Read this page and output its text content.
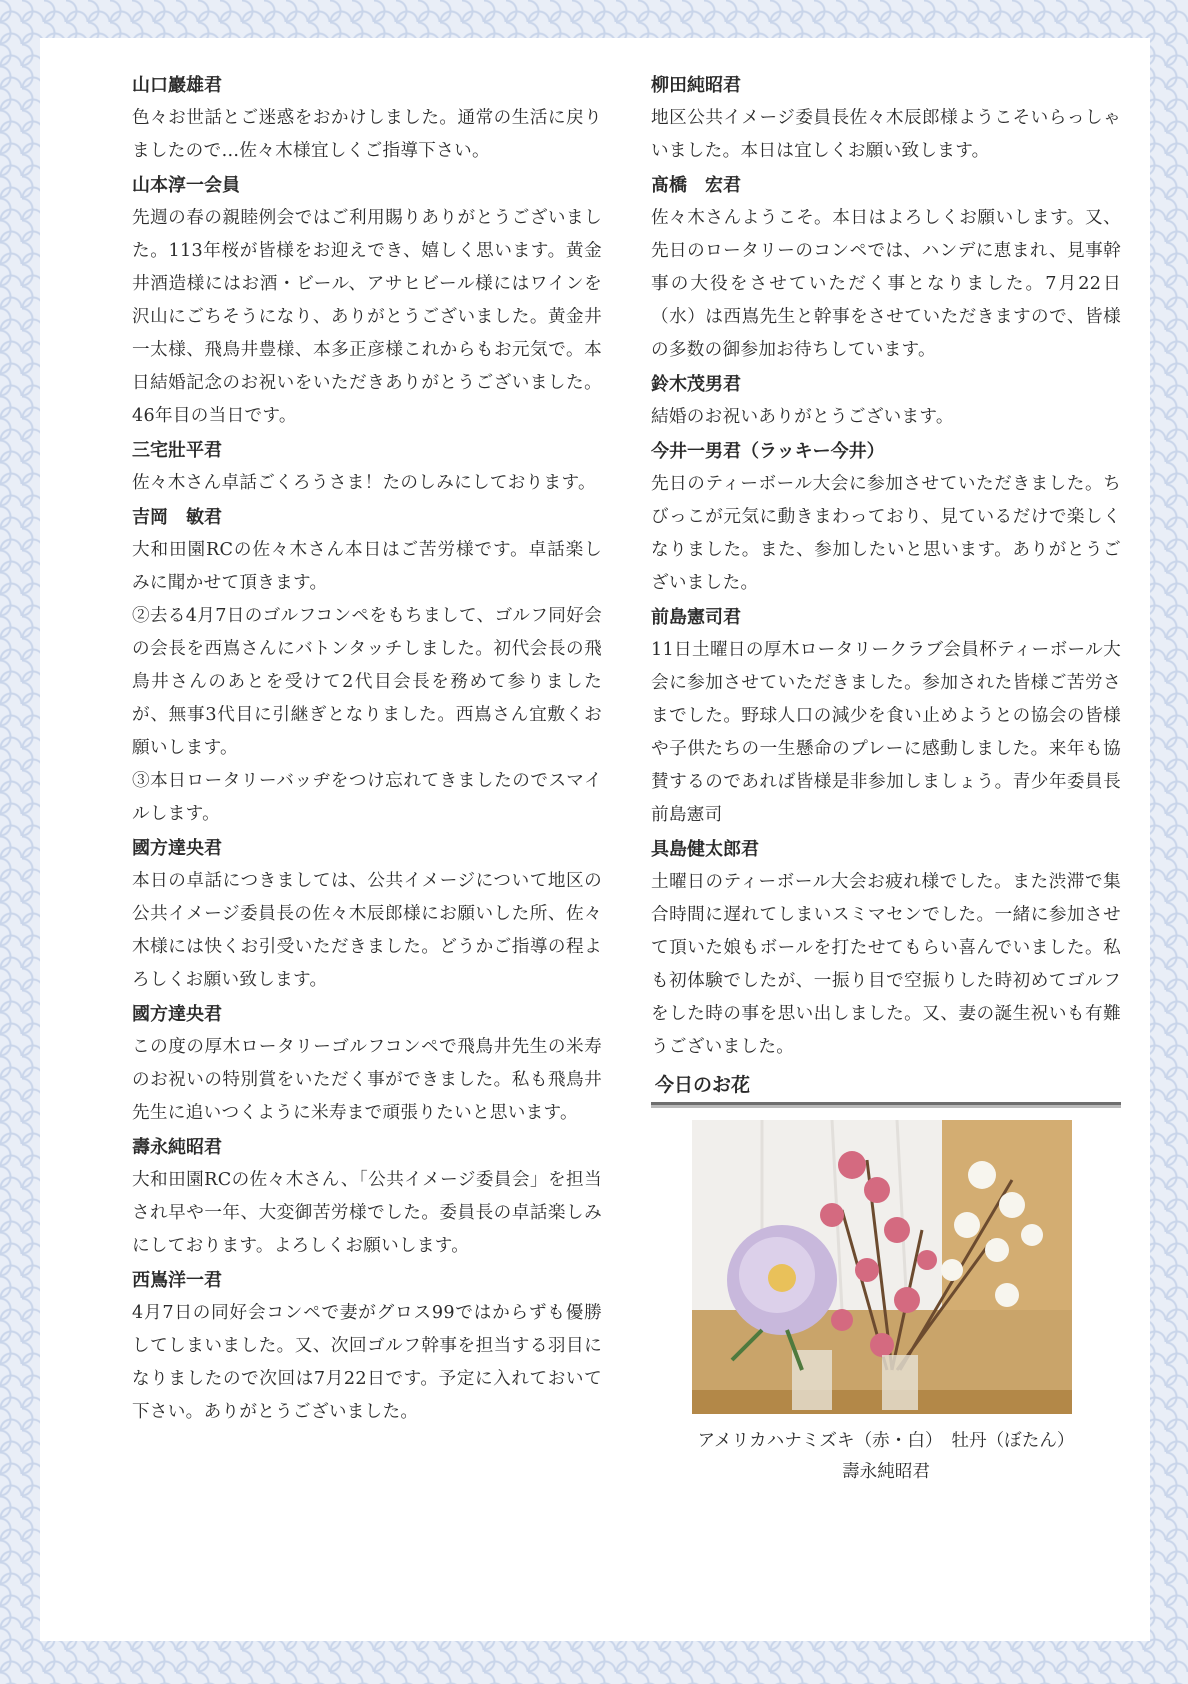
山口巖雄君

色々お世話とご迷惑をおかけしました。通常の生活に戻りましたので…佐々木様宜しくご指導下さい。

山本淳一会員

先週の春の親睦例会ではご利用賜りありがとうございました。113年桜が皆様をお迎えでき、嬉しく思います。黄金井酒造様にはお酒・ビール、アサヒビール様にはワインを沢山にごちそうになり、ありがとうございました。黄金井一太様、飛鳥井豊様、本多正彦様これからもお元気で。本日結婚記念のお祝いをいただきありがとうございました。46年目の当日です。

三宅壯平君

佐々木さん卓話ごくろうさま！たのしみにしております。

吉岡　敏君

大和田園RCの佐々木さん本日はご苦労様です。卓話楽しみに聞かせて頂きます。

②去る4月7日のゴルフコンペをもちまして、ゴルフ同好会の会長を西嶌さんにバトンタッチしました。初代会長の飛鳥井さんのあとを受けて2代目会長を務めて参りましたが、無事3代目に引継ぎとなりました。西嶌さん宜敷くお願いします。

③本日ロータリーバッヂをつけ忘れてきましたのでスマイルします。

國方達央君

本日の卓話につきましては、公共イメージについて地区の公共イメージ委員長の佐々木辰郎様にお願いした所、佐々木様には快くお引受いただきました。どうかご指導の程よろしくお願い致します。

國方達央君

この度の厚木ロータリーゴルフコンペで飛鳥井先生の米寿のお祝いの特別賞をいただく事ができました。私も飛鳥井先生に追いつくように米寿まで頑張りたいと思います。

壽永純昭君

大和田園RCの佐々木さん、「公共イメージ委員会」を担当され早や一年、大変御苦労様でした。委員長の卓話楽しみにしております。よろしくお願いします。

西嶌洋一君

4月7日の同好会コンペで妻がグロス99ではからずも優勝してしまいました。又、次回ゴルフ幹事を担当する羽目になりましたので次回は7月22日です。予定に入れておいて下さい。ありがとうございました。

柳田純昭君

地区公共イメージ委員長佐々木辰郎様ようこそいらっしゃいました。本日は宜しくお願い致します。

髙橋　宏君

佐々木さんようこそ。本日はよろしくお願いします。又、先日のロータリーのコンペでは、ハンデに恵まれ、見事幹事の大役をさせていただく事となりました。7月22日（水）は西嶌先生と幹事をさせていただきますので、皆様の多数の御参加お待ちしています。

鈴木茂男君

結婚のお祝いありがとうございます。

今井一男君（ラッキー今井）

先日のティーボール大会に参加させていただきました。ちびっこが元気に動きまわっており、見ているだけで楽しくなりました。また、参加したいと思います。ありがとうございました。

前島憲司君

11日土曜日の厚木ロータリークラブ会員杯ティーボール大会に参加させていただきました。参加された皆様ご苦労さまでした。野球人口の減少を食い止めようとの協会の皆様や子供たちの一生懸命のプレーに感動しました。来年も協賛するのであれば皆様是非参加しましょう。青少年委員長 前島憲司

具島健太郎君

土曜日のティーボール大会お疲れ様でした。また渋滞で集合時間に遅れてしまいスミマセンでした。一緒に参加させて頂いた娘もボールを打たせてもらい喜んでいました。私も初体験でしたが、一振り目で空振りした時初めてゴルフをした時の事を思い出しました。又、妻の誕生祝いも有難うございました。

今日のお花
アメリカハナミズキ（赤・白）　牡丹（ぼたん）
壽永純昭君
